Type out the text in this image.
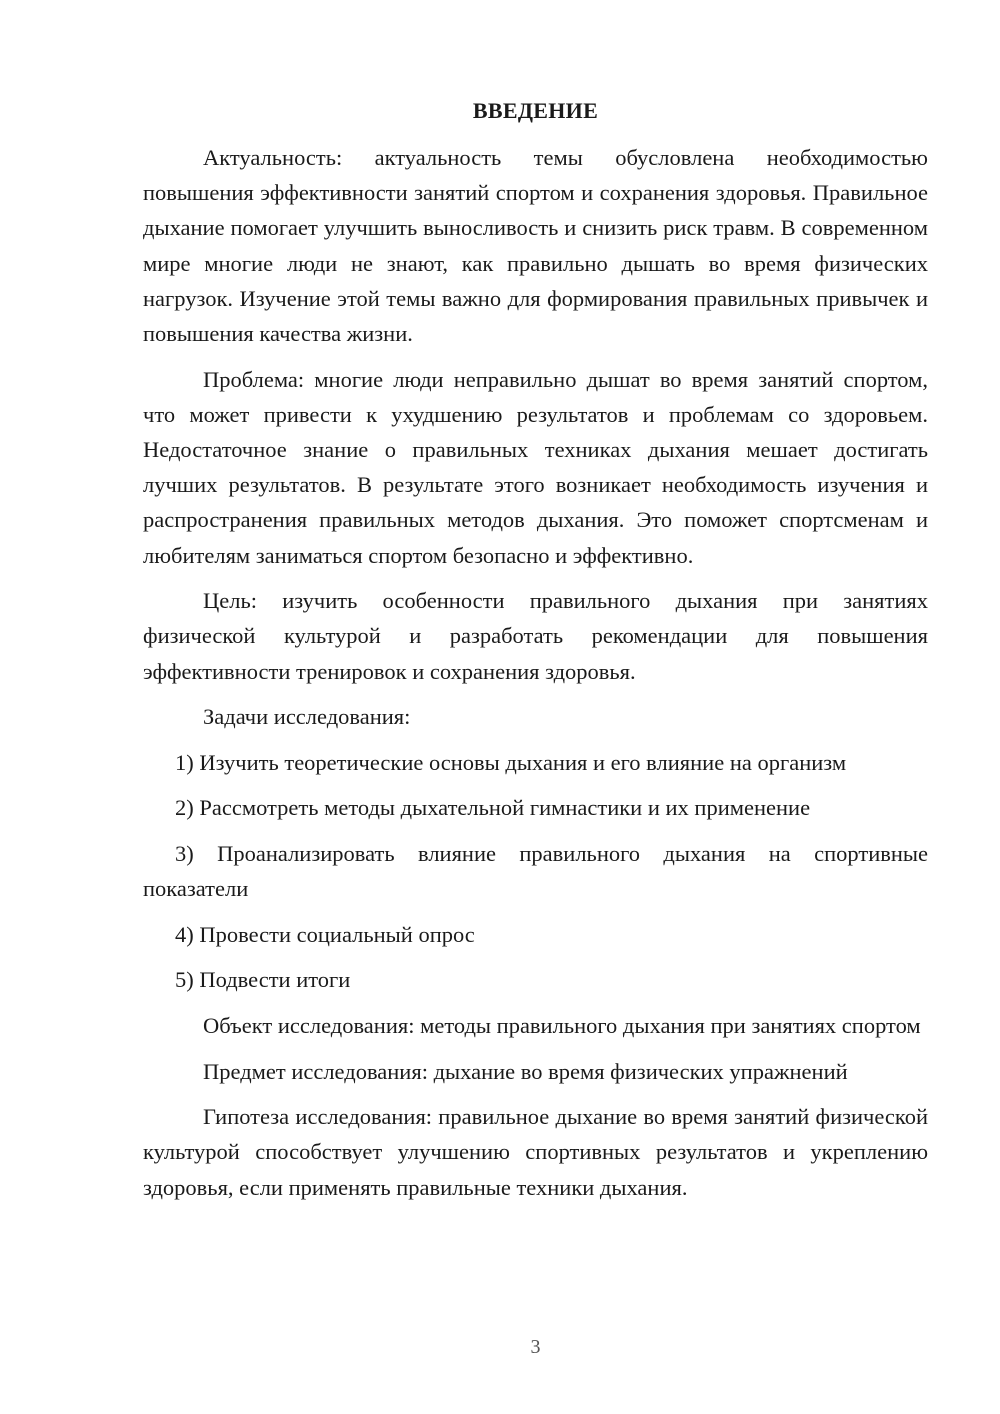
ВВЕДЕНИЕ

Актуальность: актуальность темы обусловлена необходимостью повышения эффективности занятий спортом и сохранения здоровья. Правильное дыхание помогает улучшить выносливость и снизить риск травм. В современном мире многие люди не знают, как правильно дышать во время физических нагрузок. Изучение этой темы важно для формирования правильных привычек и повышения качества жизни.

Проблема: многие люди неправильно дышат во время занятий спортом, что может привести к ухудшению результатов и проблемам со здоровьем. Недостаточное знание о правильных техниках дыхания мешает достигать лучших результатов. В результате этого возникает необходимость изучения и распространения правильных методов дыхания. Это поможет спортсменам и любителям заниматься спортом безопасно и эффективно.

Цель: изучить особенности правильного дыхания при занятиях физической культурой и разработать рекомендации для повышения эффективности тренировок и сохранения здоровья.

Задачи исследования:

1) Изучить теоретические основы дыхания и его влияние на организм

2) Рассмотреть методы дыхательной гимнастики и их применение

3) Проанализировать влияние правильного дыхания на спортивные показатели

4) Провести социальный опрос

5) Подвести итоги

Объект исследования: методы правильного дыхания при занятиях спортом

Предмет исследования: дыхание во время физических упражнений

Гипотеза исследования: правильное дыхание во время занятий физической культурой способствует улучшению спортивных результатов и укреплению здоровья, если применять правильные техники дыхания.

3
